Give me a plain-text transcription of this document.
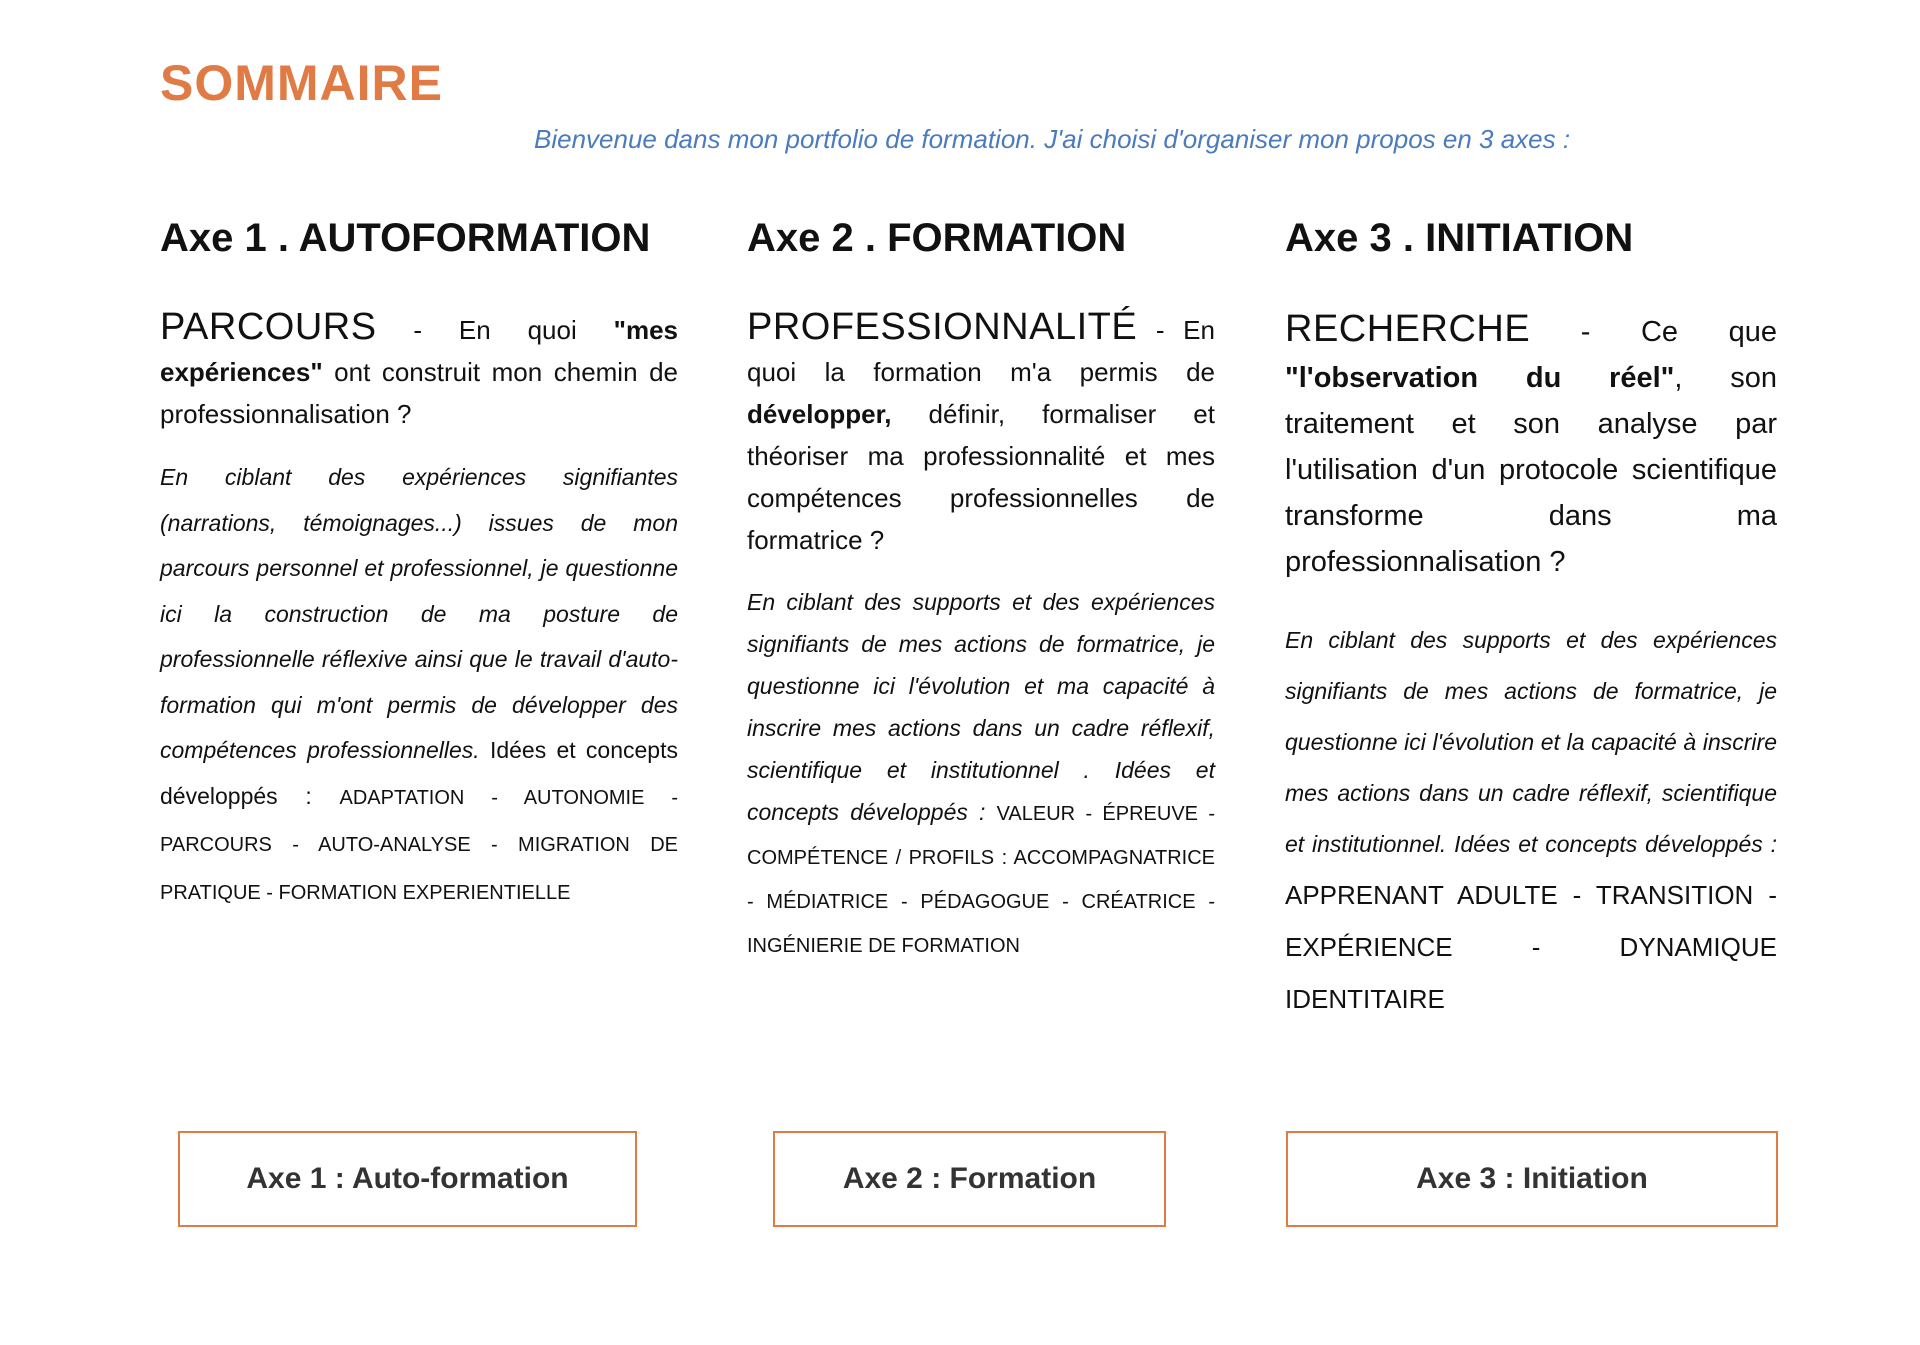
SOMMAIRE

Bienvenue dans mon portfolio de formation. J'ai choisi d'organiser mon propos en 3 axes :

Axe 1 . AUTOFORMATION

PARCOURS - En quoi "mes expériences" ont construit mon chemin de professionnalisation ?

En ciblant des expériences signifiantes (narrations, témoignages...) issues de mon parcours personnel et professionnel, je questionne ici la construction de ma posture de professionnelle réflexive ainsi que le travail d'auto-formation qui m'ont permis de développer des compétences professionnelles. Idées et concepts développés : ADAPTATION - AUTONOMIE - PARCOURS - AUTO-ANALYSE - MIGRATION DE PRATIQUE - FORMATION EXPERIENTIELLE

Axe 2 . FORMATION

PROFESSIONNALITÉ - En quoi la formation m'a permis de développer, définir, formaliser et théoriser ma professionnalité et mes compétences professionnelles de formatrice ?

En ciblant des supports et des expériences signifiants de mes actions de formatrice, je questionne ici l'évolution et ma capacité à inscrire mes actions dans un cadre réflexif, scientifique et institutionnel . Idées et concepts développés : VALEUR - ÉPREUVE - COMPÉTENCE / PROFILS : ACCOMPAGNATRICE - MÉDIATRICE - PÉDAGOGUE - CRÉATRICE - INGÉNIERIE DE FORMATION

Axe 3 . INITIATION

RECHERCHE - Ce que "l'observation du réel", son traitement et son analyse par l'utilisation d'un protocole scientifique transforme dans ma professionnalisation ?

En ciblant des supports et des expériences signifiants de mes actions de formatrice, je questionne ici l'évolution et la capacité à inscrire mes actions dans un cadre réflexif, scientifique et institutionnel. Idées et concepts développés : APPRENANT ADULTE - TRANSITION - EXPÉRIENCE - DYNAMIQUE IDENTITAIRE

Axe 1 : Auto-formation	Axe 2 : Formation	Axe 3 : Initiation
